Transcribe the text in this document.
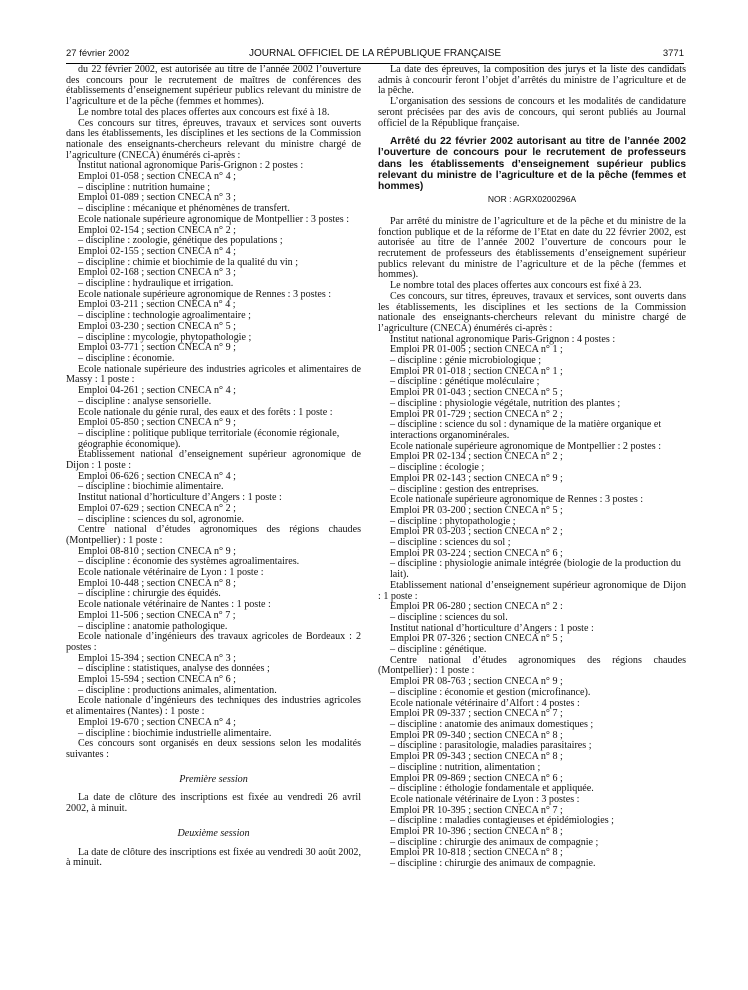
27 février 2002	JOURNAL OFFICIEL DE LA RÉPUBLIQUE FRANÇAISE	3771

du 22 février 2002, est autorisée au titre de l’année 2002 l’ouverture des concours pour le recrutement de maîtres de conférences des établissements d’enseignement supérieur publics relevant du ministre de l’agriculture et de la pêche (femmes et hommes).

Le nombre total des places offertes aux concours est fixé à 18.

Ces concours sur titres, épreuves, travaux et services sont ouverts dans les établissements, les disciplines et les sections de la Commission nationale des enseignants-chercheurs relevant du ministre chargé de l’agriculture (CNECA) énumérés ci-après :

Institut national agronomique Paris-Grignon : 2 postes :

Emploi 01-058 ; section CNECA n° 4 ;

– discipline : nutrition humaine ;

Emploi 01-089 ; section CNECA n° 3 ;

– discipline : mécanique et phénomènes de transfert.

Ecole nationale supérieure agronomique de Montpellier : 3 postes :

Emploi 02-154 ; section CNECA n° 2 ;

– discipline : zoologie, génétique des populations ;

Emploi 02-155 ; section CNECA n° 4 ;

– discipline : chimie et biochimie de la qualité du vin ;

Emploi 02-168 ; section CNECA n° 3 ;

– discipline : hydraulique et irrigation.

Ecole nationale supérieure agronomique de Rennes : 3 postes :

Emploi 03-211 ; section CNECA n° 4 ;

– discipline : technologie agroalimentaire ;

Emploi 03-230 ; section CNECA n° 5 ;

– discipline : mycologie, phytopathologie ;

Emploi 03-771 ; section CNECA n° 9 ;

– discipline : économie.

Ecole nationale supérieure des industries agricoles et alimentaires de Massy : 1 poste :

Emploi 04-261 ; section CNECA n° 4 ;

– discipline : analyse sensorielle.

Ecole nationale du génie rural, des eaux et des forêts : 1 poste :

Emploi 05-850 ; section CNECA n° 9 ;

– discipline : politique publique territoriale (économie régionale, géographie économique).

Etablissement national d’enseignement supérieur agronomique de Dijon : 1 poste :

Emploi 06-626 ; section CNECA n° 4 ;

– discipline : biochimie alimentaire.

Institut national d’horticulture d’Angers : 1 poste :

Emploi 07-629 ; section CNECA n° 2 ;

– discipline : sciences du sol, agronomie.

Centre national d’études agronomiques des régions chaudes (Montpellier) : 1 poste :

Emploi 08-810 ; section CNECA n° 9 ;

– discipline : économie des systèmes agroalimentaires.

Ecole nationale vétérinaire de Lyon : 1 poste :

Emploi 10-448 ; section CNECA n° 8 ;

– discipline : chirurgie des équidés.

Ecole nationale vétérinaire de Nantes : 1 poste :

Emploi 11-506 ; section CNECA n° 7 ;

– discipline : anatomie pathologique.

Ecole nationale d’ingénieurs des travaux agricoles de Bordeaux : 2 postes :

Emploi 15-394 ; section CNECA n° 3 ;

– discipline : statistiques, analyse des données ;

Emploi 15-594 ; section CNECA n° 6 ;

– discipline : productions animales, alimentation.

Ecole nationale d’ingénieurs des techniques des industries agricoles et alimentaires (Nantes) : 1 poste :

Emploi 19-670 ; section CNECA n° 4 ;

– discipline : biochimie industrielle alimentaire.

Ces concours sont organisés en deux sessions selon les modalités suivantes :

Première session

La date de clôture des inscriptions est fixée au vendredi 26 avril 2002, à minuit.

Deuxième session

La date de clôture des inscriptions est fixée au vendredi 30 août 2002, à minuit.

La date des épreuves, la composition des jurys et la liste des candidats admis à concourir feront l’objet d’arrêtés du ministre de l’agriculture et de la pêche.

L’organisation des sessions de concours et les modalités de candidature seront précisées par des avis de concours, qui seront publiés au Journal officiel de la République française.

Arrêté du 22 février 2002 autorisant au titre de l’année 2002 l’ouverture de concours pour le recrutement de professeurs dans les établissements d’enseignement supérieur publics relevant du ministre de l’agriculture et de la pêche (femmes et hommes)

NOR : AGRX0200296A

Par arrêté du ministre de l’agriculture et de la pêche et du ministre de la fonction publique et de la réforme de l’Etat en date du 22 février 2002, est autorisée au titre de l’année 2002 l’ouverture de concours pour le recrutement de professeurs des établissements d’enseignement supérieur publics relevant du ministre de l’agriculture et de la pêche (femmes et hommes).

Le nombre total des places offertes aux concours est fixé à 23.

Ces concours, sur titres, épreuves, travaux et services, sont ouverts dans les établissements, les disciplines et les sections de la Commission nationale des enseignants-chercheurs relevant du ministre chargé de l’agriculture (CNECA) énumérés ci-après :

Institut national agronomique Paris-Grignon : 4 postes :

Emploi PR 01-005 ; section CNECA n° 1 ;

– discipline : génie microbiologique ;

Emploi PR 01-018 ; section CNECA n° 1 ;

– discipline : génétique moléculaire ;

Emploi PR 01-043 ; section CNECA n° 5 ;

– discipline : physiologie végétale, nutrition des plantes ;

Emploi PR 01-729 ; section CNECA n° 2 ;

– discipline : science du sol : dynamique de la matière organique et interactions organominérales.

Ecole nationale supérieure agronomique de Montpellier : 2 postes :

Emploi PR 02-134 ; section CNECA n° 2 ;

– discipline : écologie ;

Emploi PR 02-143 ; section CNECA n° 9 ;

– discipline : gestion des entreprises.

Ecole nationale supérieure agronomique de Rennes : 3 postes :

Emploi PR 03-200 ; section CNECA n° 5 ;

– discipline : phytopathologie ;

Emploi PR 03-203 ; section CNECA n° 2 ;

– discipline : sciences du sol ;

Emploi PR 03-224 ; section CNECA n° 6 ;

– discipline : physiologie animale intégrée (biologie de la production du lait).

Etablissement national d’enseignement supérieur agronomique de Dijon : 1 poste :

Emploi PR 06-280 ; section CNECA n° 2 :

– discipline : sciences du sol.

Institut national d’horticulture d’Angers : 1 poste :

Emploi PR 07-326 ; section CNECA n° 5 ;

– discipline : génétique.

Centre national d’études agronomiques des régions chaudes (Montpellier) : 1 poste :

Emploi PR 08-763 ; section CNECA n° 9 ;

– discipline : économie et gestion (microfinance).

Ecole nationale vétérinaire d’Alfort : 4 postes :

Emploi PR 09-337 ; section CNECA n° 7 ;

– discipline : anatomie des animaux domestiques ;

Emploi PR 09-340 ; section CNECA n° 8 ;

– discipline : parasitologie, maladies parasitaires ;

Emploi PR 09-343 ; section CNECA n° 8 ;

– discipline : nutrition, alimentation ;

Emploi PR 09-869 ; section CNECA n° 6 ;

– discipline : éthologie fondamentale et appliquée.

Ecole nationale vétérinaire de Lyon : 3 postes :

Emploi PR 10-395 ; section CNECA n° 7 ;

– discipline : maladies contagieuses et épidémiologies ;

Emploi PR 10-396 ; section CNECA n° 8 ;

– discipline : chirurgie des animaux de compagnie ;

Emploi PR 10-818 ; section CNECA n° 8 ;

– discipline : chirurgie des animaux de compagnie.
